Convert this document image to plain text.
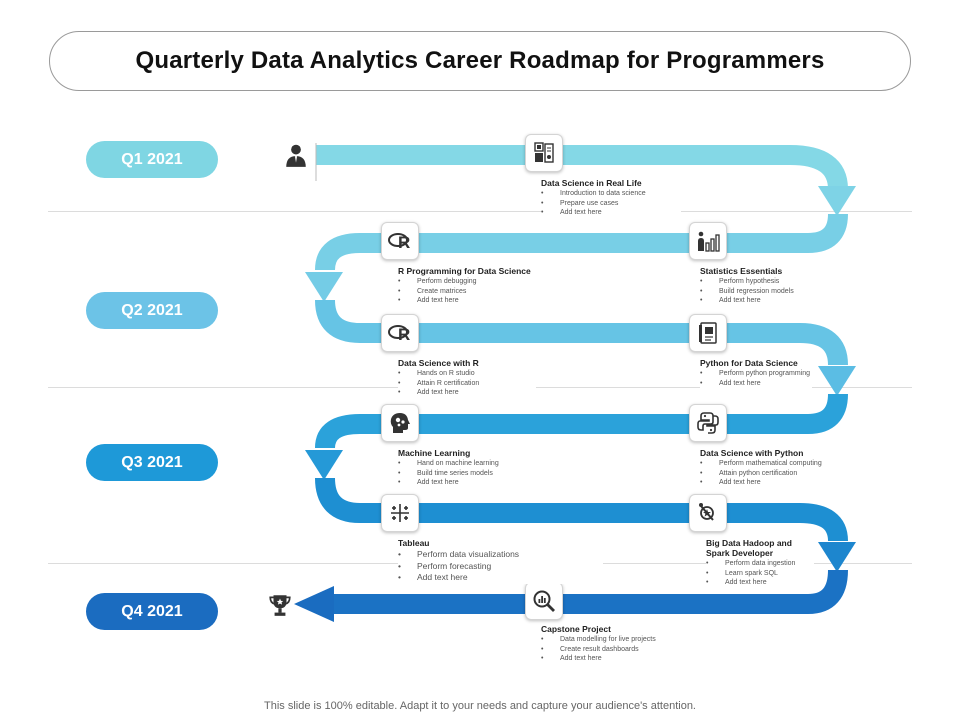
Quarterly Data Analytics Career Roadmap for Programmers
Q1 2021
Q2 2021
Q3 2021
Q4 2021
R
R
Data Science in Real Life
• Introduction to data science
• Prepare use cases
• Add text here
Statistics Essentials
• Perform hypothesis
• Build regression models
• Add text here
R Programming for Data Science
• Perform debugging
• Create matrices
• Add text here
Data Science with R
• Hands on R studio
• Attain R certification
• Add text here
Python for Data Science
• Perform python programming
• Add text here
Data Science with Python
• Perform mathematical computing
• Attain python certification
• Add text here
Machine Learning
• Hand on machine learning
• Build time series models
• Add text here
Tableau
• Perform data visualizations
• Perform forecasting
• Add text here
Big Data Hadoop and Spark Developer
• Perform data ingestion
• Learn spark SQL
• Add text here
Capstone Project
• Data modelling for live projects
• Create result dashboards
• Add text here
This slide is 100% editable. Adapt it to your needs and capture your audience's attention.
